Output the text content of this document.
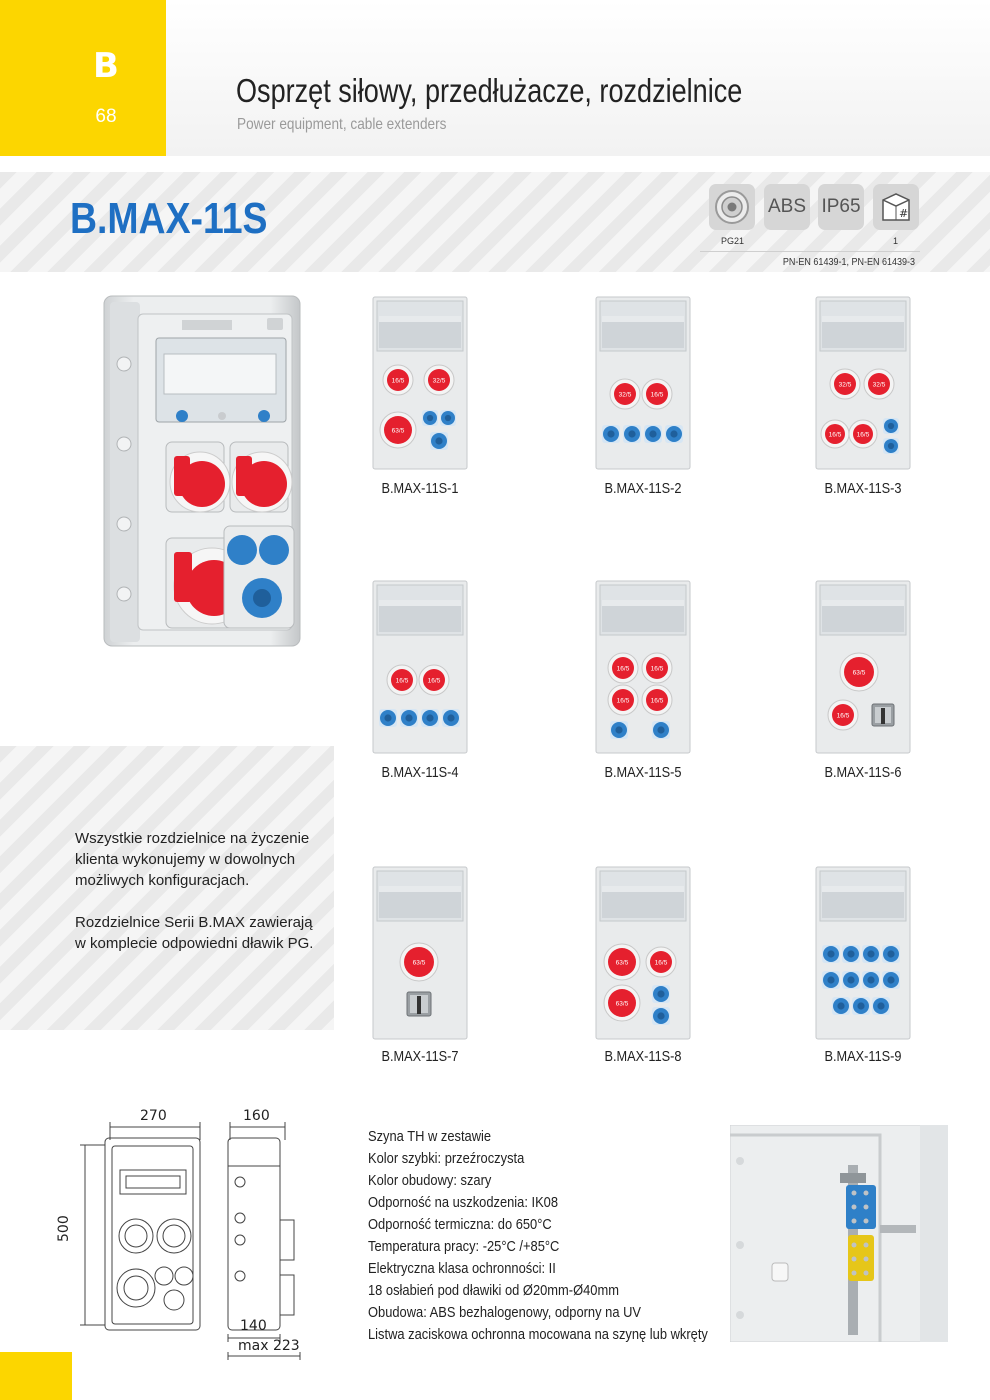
B
68
Osprzęt siłowy, przedłużacze, rozdzielnice
Power equipment, cable extenders
B.MAX-11S	PG21
ABS IP65	#
1
PN-EN 61439-1, PN-EN 61439-3
16/5	32/5
63/5
B.MAX-11S-1
32/5	16/5
B.MAX-11S-2
32/5	32/5
16/5 16/5
B.MAX-11S-3
16/5	16/5
B.MAX-11S-4
16/5	16/5
16/5	16/5
B.MAX-11S-5
63/5
16/5
B.MAX-11S-6
63/5
B.MAX-11S-7
63/5	16/5
63/5
B.MAX-11S-8	B.MAX-11S-9
Wszystkie rozdzielnice na życzenie
klienta wykonujemy w dowolnych
możliwych konfiguracjach.
Rozdzielnice Serii B.MAX zawierają
w komplecie odpowiedni dławik PG.
270	160
500
140
max 223
Szyna TH w zestawie
Kolor szybki: przeźroczysta
Kolor obudowy: szary
Odporność na uszkodzenia: IK08
Odporność termiczna: do 650°C
Temperatura pracy: -25°C /+85°C
Elektryczna klasa ochronności: II
18 osłabień pod dławiki od Ø20mm-Ø40mm
Obudowa: ABS bezhalogenowy, odporny na UV
Listwa zaciskowa ochronna mocowana na szynę lub wkręty
